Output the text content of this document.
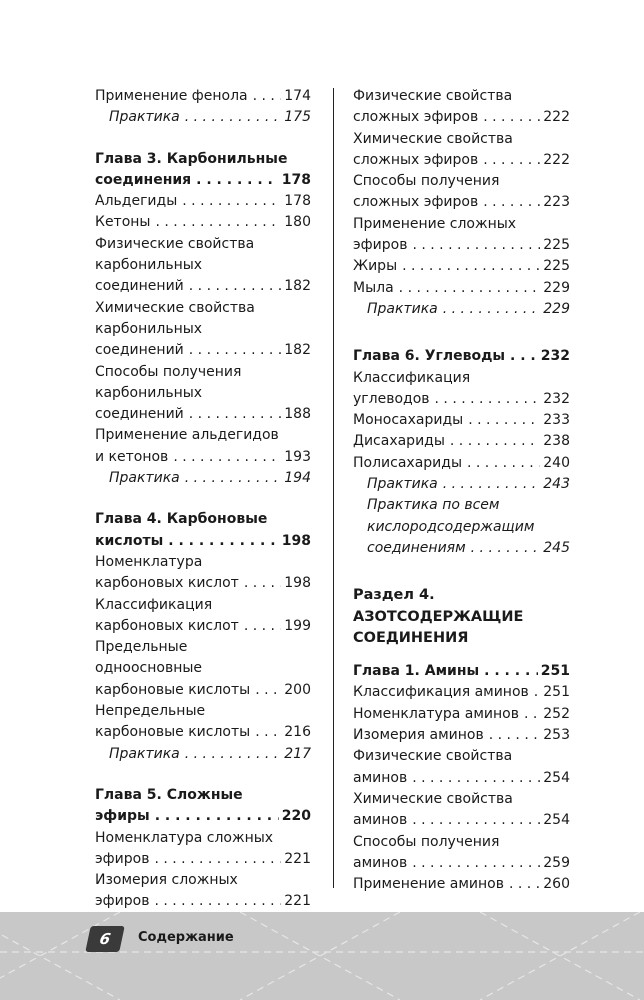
Применение фенола . . .	174
Практика . . .	175
Глава 3. Карбонильные
соединения . . .	178
Альдегиды . . .	178
Кетоны . . .	180
Физические свойства
карбонильных
соединений . . .	182
Химические свойства
карбонильных
соединений . . .	182
Способы получения
карбонильных
соединений . . .	188
Применение альдегидов
и кетонов . . .	193
Практика . . .	194
Глава 4. Карбоновые
кислоты . . .	198
Номенклатура
карбоновых кислот . . .	198
Классификация
карбоновых кислот . . .	199
Предельные
одноосновные
карбоновые кислоты . . . 200
Непредельные
карбоновые кислоты . . . 216
Практика . . .	217
Глава 5. Сложные
эфиры . . .	220
Номенклатура сложных
эфиров . . .	221
Изомерия сложных
эфиров . . .	221
Физические свойства
сложных эфиров . . .	222
Химические свойства
сложных эфиров . . .	222
Способы получения
сложных эфиров . . .	223
Применение сложных
эфиров . . .	225
Жиры . . .	225
Мыла . . .	229
Практика . . .	229
Глава 6. Углеводы . . .	232
Классификация
углеводов . . .	232
Моносахариды . . .	233
Дисахариды . . .	238
Полисахариды . . .	240
Практика . . .	243
Практика по всем
кислородсодержащим
соединениям . . .	245
Раздел 4.
АЗОТСОДЕРЖАЩИЕ
СОЕДИНЕНИЯ
Глава 1. Амины . . .	251
Классификация аминов . . . 251
Номенклатура аминов . . . 252
Изомерия аминов . . .	253
Физические свойства
аминов . . .	254
Химические свойства
аминов . . .	254
Способы получения
аминов . . .	259
Применение аминов . . .	260
6	Содержание
